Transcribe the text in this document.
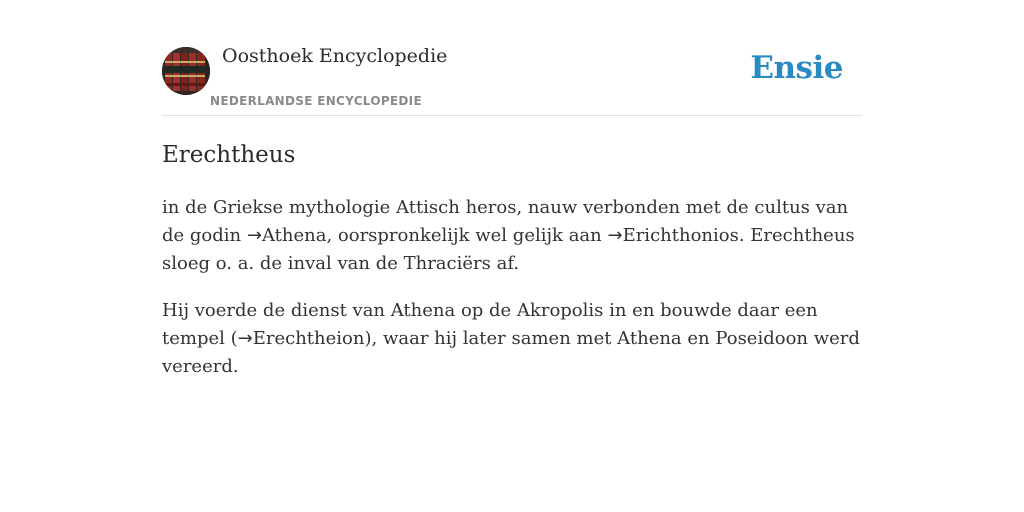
Oosthoek Encyclopedie
NEDERLANDSE ENCYCLOPEDIE
Ensie
Erechtheus

in de Griekse mythologie Attisch heros, nauw verbonden met de cultus van de godin →Athena, oorspronkelijk wel gelijk aan →Erichthonios. Erechtheus sloeg o. a. de inval van de Thraciërs af.

Hij voerde de dienst van Athena op de Akropolis in en bouwde daar een tempel (→Erechtheion), waar hij later samen met Athena en Poseidoon werd vereerd.
